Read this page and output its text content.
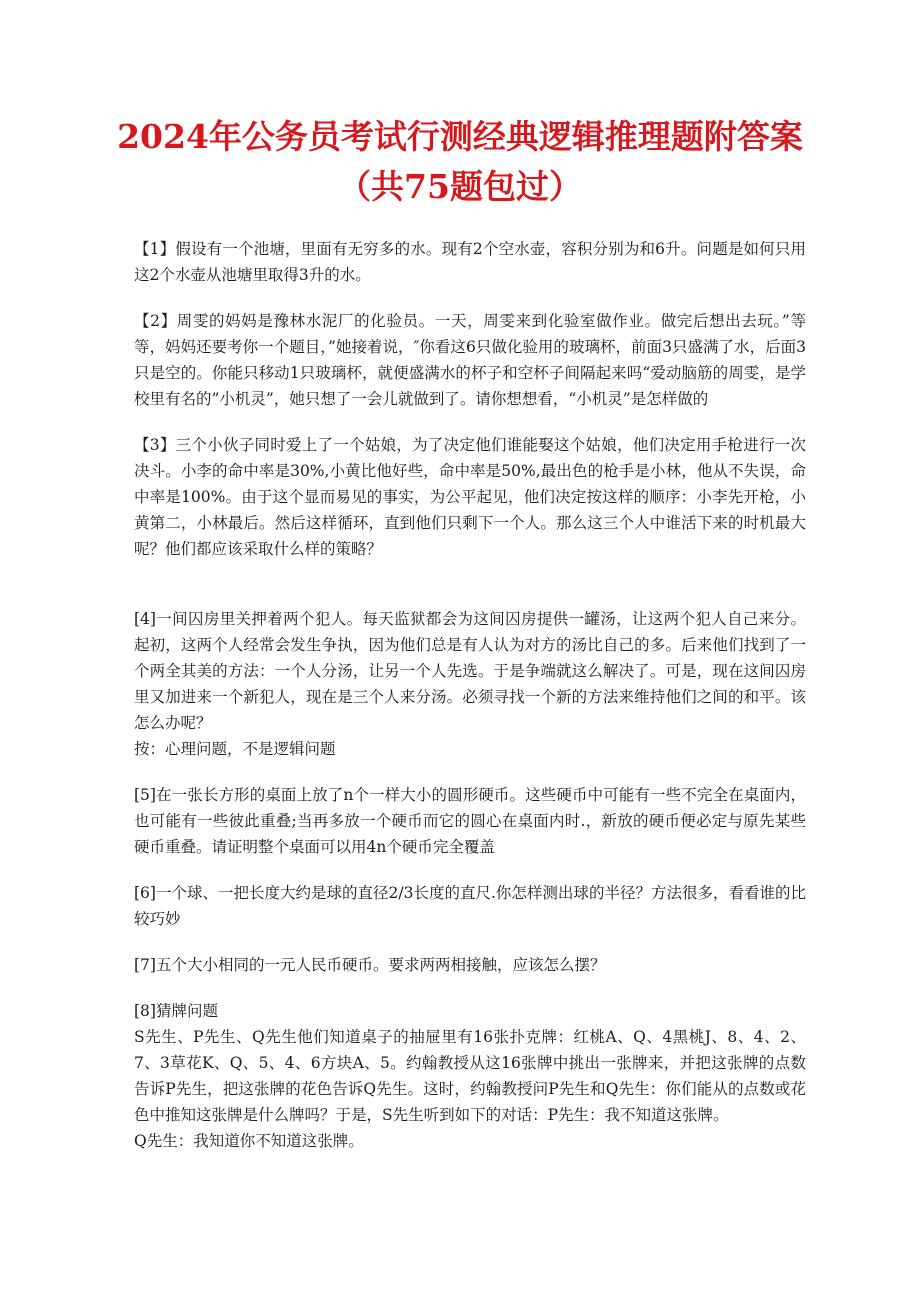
2024年公务员考试行测经典逻辑推理题附答案
（共75题包过）

【1】假设有一个池塘，里面有无穷多的水。现有2个空水壶，容积分别为和6升。问题是如何只用这2个水壶从池塘里取得3升的水。

【2】周雯的妈妈是豫林水泥厂的化验员。一天，周雯来到化验室做作业。做完后想出去玩。”等等，妈妈还要考你一个题目，”她接着说，″你看这6只做化验用的玻璃杯，前面3只盛满了水，后面3只是空的。你能只移动1只玻璃杯，就便盛满水的杯子和空杯子间隔起来吗“爱动脑筋的周雯，是学校里有名的”小机灵”，她只想了一会儿就做到了。请你想想看，“小机灵”是怎样做的

【3】三个小伙子同时爱上了一个姑娘，为了决定他们谁能娶这个姑娘，他们决定用手枪进行一次决斗。小李的命中率是30%,小黄比他好些，命中率是50%,最出色的枪手是小林，他从不失误，命中率是100%。由于这个显而易见的事实，为公平起见，他们决定按这样的顺序：小李先开枪，小黄第二，小林最后。然后这样循环，直到他们只剩下一个人。那么这三个人中谁活下来的时机最大呢？他们都应该采取什么样的策略？

[4]一间囚房里关押着两个犯人。每天监狱都会为这间囚房提供一罐汤，让这两个犯人自己来分。起初，这两个人经常会发生争执，因为他们总是有人认为对方的汤比自己的多。后来他们找到了一个两全其美的方法：一个人分汤，让另一个人先选。于是争端就这么解决了。可是，现在这间囚房里又加进来一个新犯人，现在是三个人来分汤。必须寻找一个新的方法来维持他们之间的和平。该怎么办呢？
按：心理问题，不是逻辑问题

[5]在一张长方形的桌面上放了n个一样大小的圆形硬币。这些硬币中可能有一些不完全在桌面内，也可能有一些彼此重叠;当再多放一个硬币而它的圆心在桌面内时.，新放的硬币便必定与原先某些硬币重叠。请证明整个桌面可以用4n个硬币完全覆盖

[6]一个球、一把长度大约是球的直径2/3长度的直尺.你怎样测出球的半径？方法很多，看看谁的比较巧妙

[7]五个大小相同的一元人民币硬币。要求两两相接触，应该怎么摆？

[8]猜牌问题
S先生、P先生、Q先生他们知道桌子的抽屉里有16张扑克牌：红桃A、Q、4黑桃J、8、4、2、7、3草花K、Q、5、4、6方块A、5。约翰教授从这16张牌中挑出一张牌来，并把这张牌的点数告诉P先生，把这张牌的花色告诉Q先生。这时，约翰教授问P先生和Q先生：你们能从的点数或花色中推知这张牌是什么牌吗？于是，S先生听到如下的对话：P先生：我不知道这张牌。
Q先生：我知道你不知道这张牌。
